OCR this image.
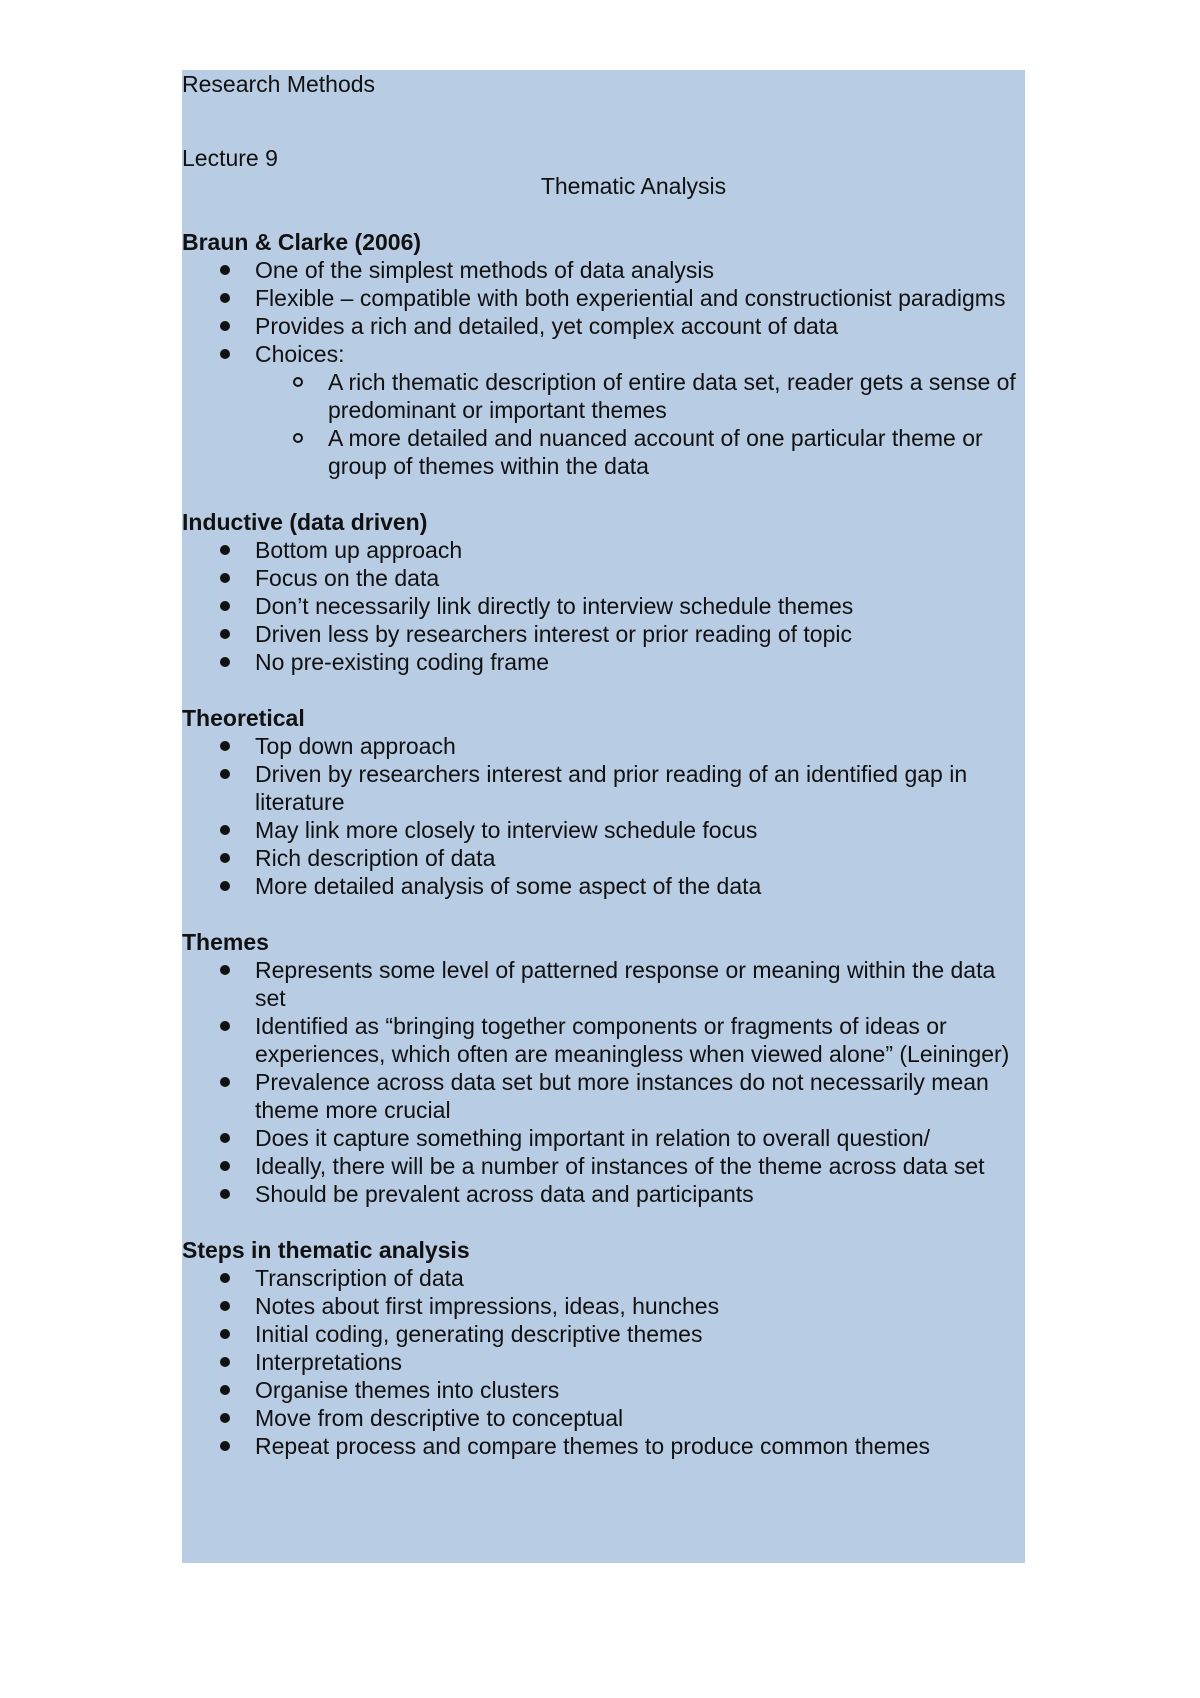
Research Methods
Lecture 9
Thematic Analysis
Braun & Clarke (2006)
One of the simplest methods of data analysis
Flexible – compatible with both experiential and constructionist paradigms
Provides a rich and detailed, yet complex account of data
Choices:
A rich thematic description of entire data set, reader gets a sense of predominant or important themes
A more detailed and nuanced account of one particular theme or group of themes within the data
Inductive (data driven)
Bottom up approach
Focus on the data
Don’t necessarily link directly to interview schedule themes
Driven less by researchers interest or prior reading of topic
No pre-existing coding frame
Theoretical
Top down approach
Driven by researchers interest and prior reading of an identified gap in literature
May link more closely to interview schedule focus
Rich description of data
More detailed analysis of some aspect of the data
Themes
Represents some level of patterned response or meaning within the data set
Identified as “bringing together components or fragments of ideas or experiences, which often are meaningless when viewed alone” (Leininger)
Prevalence across data set but more instances do not necessarily mean theme more crucial
Does it capture something important in relation to overall question/
Ideally, there will be a number of instances of the theme across data set
Should be prevalent across data and participants
Steps in thematic analysis
Transcription of data
Notes about first impressions, ideas, hunches
Initial coding, generating descriptive themes
Interpretations
Organise themes into clusters
Move from descriptive to conceptual
Repeat process and compare themes to produce common themes
